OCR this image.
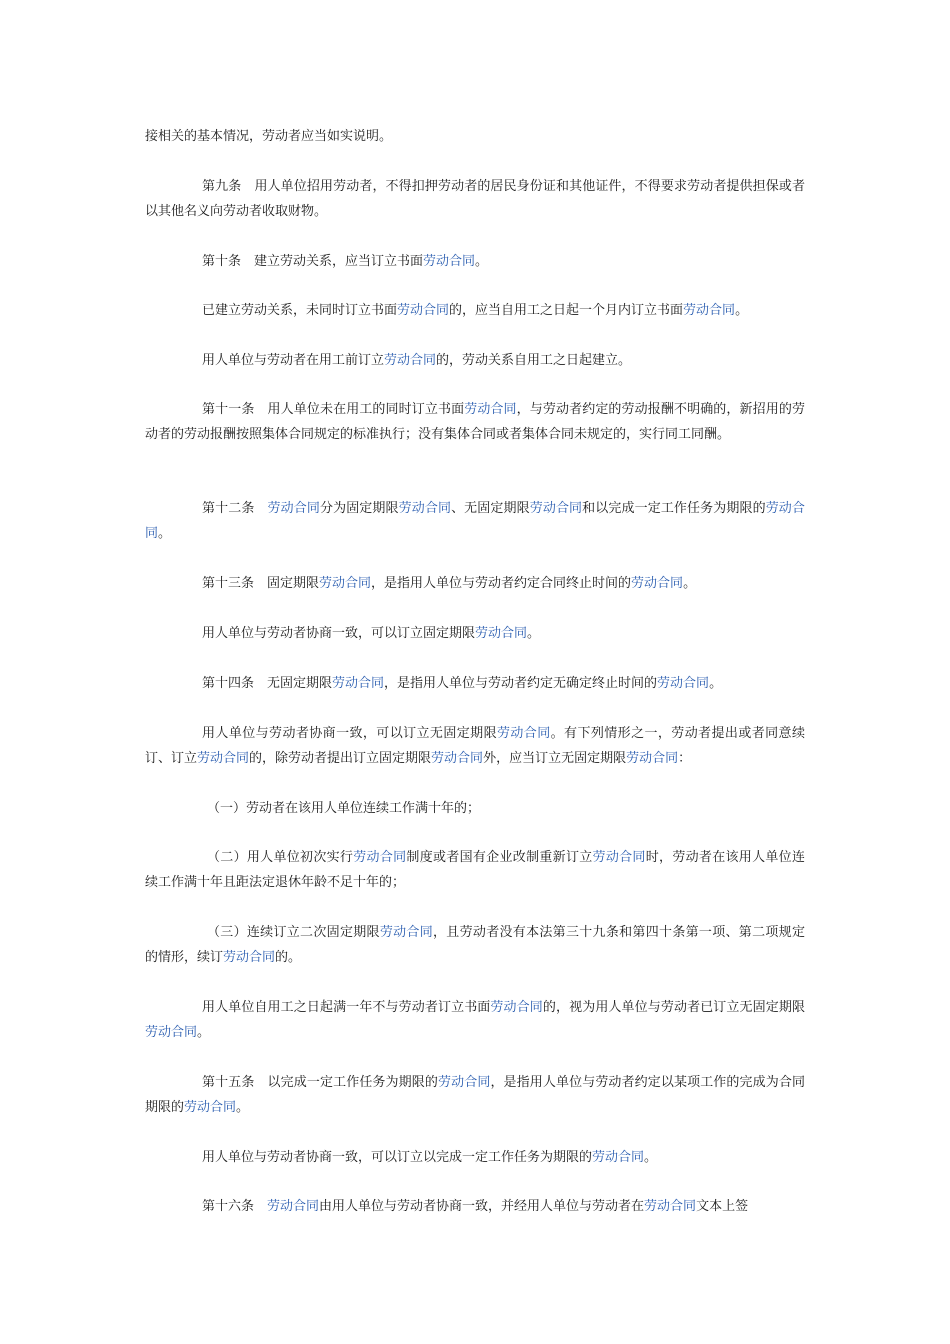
接相关的基本情况，劳动者应当如实说明。

第九条　用人单位招用劳动者，不得扣押劳动者的居民身份证和其他证件，不得要求劳动者提供担保或者以其他名义向劳动者收取财物。

第十条　建立劳动关系，应当订立书面劳动合同。

已建立劳动关系，未同时订立书面劳动合同的，应当自用工之日起一个月内订立书面劳动合同。

用人单位与劳动者在用工前订立劳动合同的，劳动关系自用工之日起建立。

第十一条　用人单位未在用工的同时订立书面劳动合同，与劳动者约定的劳动报酬不明确的，新招用的劳动者的劳动报酬按照集体合同规定的标准执行；没有集体合同或者集体合同未规定的，实行同工同酬。

第十二条　劳动合同分为固定期限劳动合同、无固定期限劳动合同和以完成一定工作任务为期限的劳动合同。

第十三条　固定期限劳动合同，是指用人单位与劳动者约定合同终止时间的劳动合同。

用人单位与劳动者协商一致，可以订立固定期限劳动合同。

第十四条　无固定期限劳动合同，是指用人单位与劳动者约定无确定终止时间的劳动合同。

用人单位与劳动者协商一致，可以订立无固定期限劳动合同。有下列情形之一，劳动者提出或者同意续订、订立劳动合同的，除劳动者提出订立固定期限劳动合同外，应当订立无固定期限劳动合同：

（一）劳动者在该用人单位连续工作满十年的；

（二）用人单位初次实行劳动合同制度或者国有企业改制重新订立劳动合同时，劳动者在该用人单位连续工作满十年且距法定退休年龄不足十年的；

（三）连续订立二次固定期限劳动合同，且劳动者没有本法第三十九条和第四十条第一项、第二项规定的情形，续订劳动合同的。

用人单位自用工之日起满一年不与劳动者订立书面劳动合同的，视为用人单位与劳动者已订立无固定期限劳动合同。

第十五条　以完成一定工作任务为期限的劳动合同，是指用人单位与劳动者约定以某项工作的完成为合同期限的劳动合同。

用人单位与劳动者协商一致，可以订立以完成一定工作任务为期限的劳动合同。

第十六条　劳动合同由用人单位与劳动者协商一致，并经用人单位与劳动者在劳动合同文本上签
